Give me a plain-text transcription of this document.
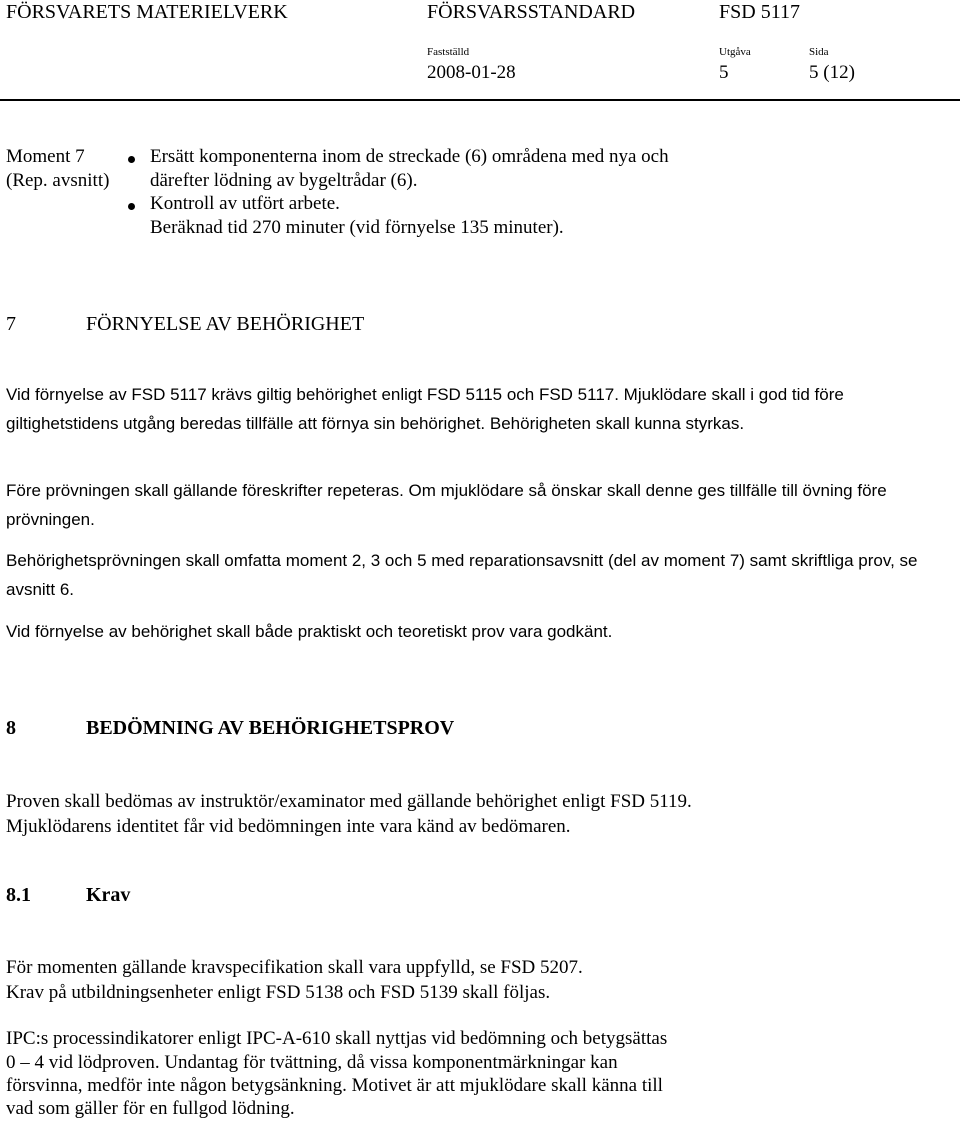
FÖRSVARETS MATERIELVERK	FÖRSVARSSTANDARD	FSD 5117
Fastställd	Utgåva	Sida
2008-01-28	5	5 (12)
Moment 7
(Rep. avsnitt)
Ersätt komponenterna inom de streckade (6) områdena med nya och
därefter lödning av bygeltrådar (6).
Kontroll av utfört arbete.
Beräknad tid 270 minuter (vid förnyelse 135 minuter).
7	FÖRNYELSE AV BEHÖRIGHET

Vid förnyelse av FSD 5117 krävs giltig behörighet enligt FSD 5115 och FSD 5117. Mjuklödare skall i god tid före giltighetstidens utgång beredas tillfälle att förnya sin behörighet. Behörigheten skall kunna styrkas.

Före prövningen skall gällande föreskrifter repeteras. Om mjuklödare så önskar skall denne ges tillfälle till övning före prövningen.

Behörighetsprövningen skall omfatta moment 2, 3 och 5 med reparationsavsnitt (del av moment 7) samt skriftliga prov, se avsnitt 6.

Vid förnyelse av behörighet skall både praktiskt och teoretiskt prov vara godkänt.

8	BEDÖMNING AV BEHÖRIGHETSPROV
Proven skall bedömas av instruktör/examinator med gällande behörighet enligt FSD 5119.
Mjuklödarens identitet får vid bedömningen inte vara känd av bedömaren.
8.1	Krav
För momenten gällande kravspecifikation skall vara uppfylld, se FSD 5207.
Krav på utbildningsenheter enligt FSD 5138 och FSD 5139 skall följas.
IPC:s processindikatorer enligt IPC-A-610 skall nyttjas vid bedömning och betygsättas
0 – 4 vid lödproven. Undantag för tvättning, då vissa komponentmärkningar kan
försvinna, medför inte någon betygsänkning. Motivet är att mjuklödare skall känna till
vad som gäller för en fullgod lödning.
